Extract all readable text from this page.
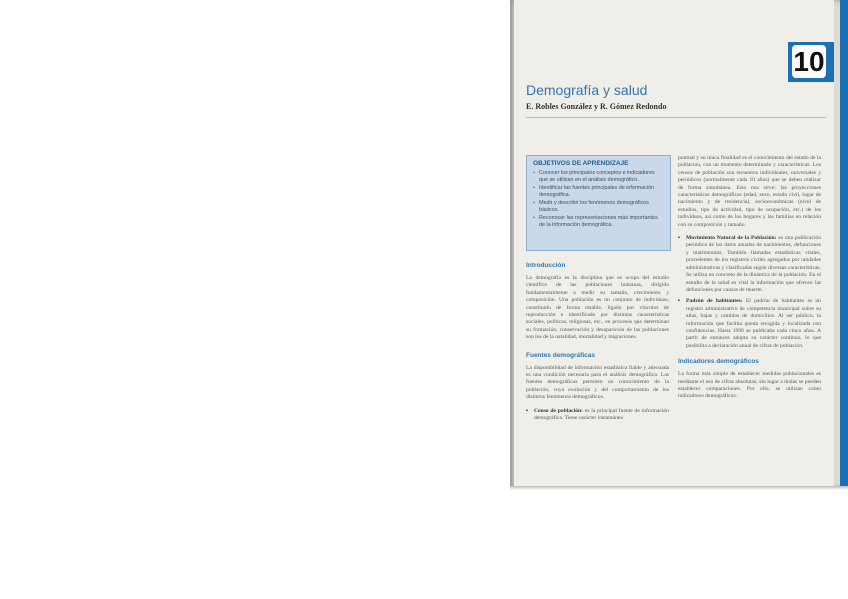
10
Demografía y salud
E. Robles González y R. Gómez Redondo
OBJETIVOS DE APRENDIZAJE
• Conocer los principales conceptos e indicadores que se utilizan en el análisis demográfico.
• Identificar las fuentes principales de información demográfica.
• Medir y describir los fenómenos demográficos básicos.
• Reconocer las representaciones más importantes de la información demográfica.
Introducción

La demografía es la disciplina que se ocupa del estudio científico de las poblaciones humanas, dirigido fundamentalmente a medir su tamaño, crecimiento y composición. Una población es un conjunto de individuos, constituido de forma estable, ligado por vínculos de reproducción e identificado por distintas características sociales, políticas, religiosas, etc., en procesos que determinan su formación, conservación y desaparición de las poblaciones son los de la natalidad, mortalidad y migraciones.

Fuentes demográficas

La disponibilidad de información estadística fiable y adecuada es una condición necesaria para el análisis demográfico. Las fuentes demográficas permiten un conocimiento de la población, cuya evolución y del comportamiento de los distintos fenómenos demográficos.

▪ Censo de población: es la principal fuente de información demográfica. Tiene carácter instantáneo

puntual y su única finalidad es el conocimiento del estado de la población, con un momento determinado y características. Los censos de población son recuentos individuales, universales y periódicos (normalmente cada 10 años) que se deben realizar de forma simultánea. Esto nos sirve: las proyecciones características demográficas (edad, sexo, estado civil, lugar de nacimiento y de residencia), socioeconómicas (nivel de estudios, tipo de actividad, tipo de ocupación, etc.) de los individuos, así como de los hogares y las familias en relación con su composición y tamaño.

▪ Movimiento Natural de la Población: es una publicación periódica de los datos anuales de nacimientos, defunciones y matrimonios. También llamadas estadísticas vitales, procedentes de los registros civiles agregados por unidades administrativas y clasificadas según diversas características. Se utiliza en concreto de la dinámica de la población. En el estudio de la salud es vital la información que ofrecen las defunciones por causas de muerte.

▪ Padrón de habitantes: El padrón de habitantes es un registro administrativo de competencia municipal sobre su altas, bajas y cambios de domicilios. Al ser público, la información que facilita queda recogida y localizada con confidencias. Hasta 1996 se publicaba cada cinco años. A partir de entonces adopta su carácter continuo, lo que posibilita a declaración anual de cifras de población.

Indicadores demográficos

La forma más simple de establecer medidas poblacionales es mediante el uso de cifras absolutas; sin lugar a dudas se pueden establecer comparaciones. Por ello, se utilizan como indicadores demográficos.
